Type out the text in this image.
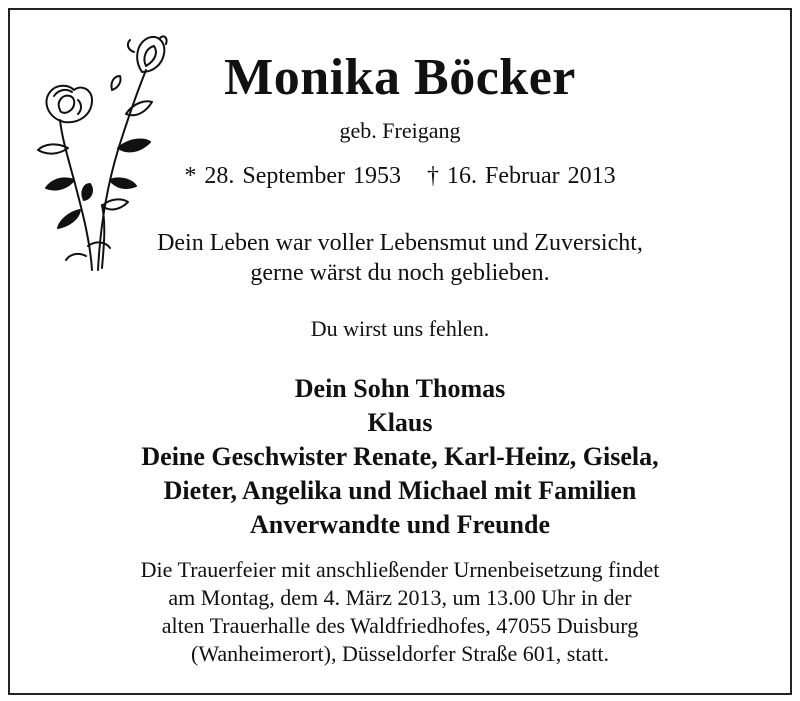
Monika Böcker
geb. Freigang
* 28. September 1953 † 16. Februar 2013
Dein Leben war voller Lebensmut und Zuversicht,
gerne wärst du noch geblieben.
Du wirst uns fehlen.
Dein Sohn Thomas
Klaus
Deine Geschwister Renate, Karl-Heinz, Gisela,
Dieter, Angelika und Michael mit Familien
Anverwandte und Freunde
Die Trauerfeier mit anschließender Urnenbeisetzung findet
am Montag, dem 4. März 2013, um 13.00 Uhr in der
alten Trauerhalle des Waldfriedhofes, 47055 Duisburg
(Wanheimerort), Düsseldorfer Straße 601, statt.
